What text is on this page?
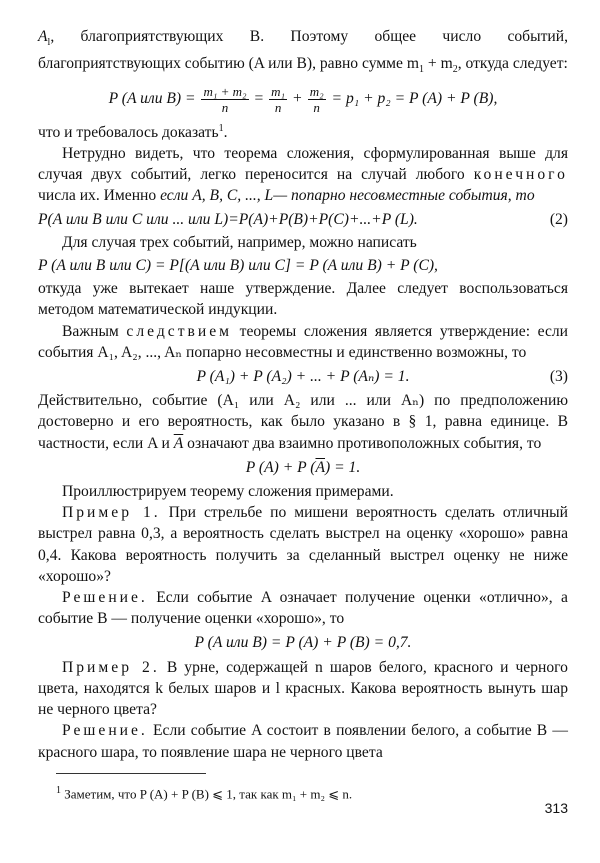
$A_l$, благоприятствующих B. Поэтому общее число событий, благоприятствующих событию (A или B), равно сумме $m_1 + m_2$, откуда следует:

P (A или $B) = \frac{\text{m₁ + m₂}}{n} = \frac{\text{m₁}}{n} + \frac{\text{m₂}}{n} = p_1 + p_2 = P$ (A) + P (B),

что и требовалось доказать$^1$.

Нетрудно видеть, что теорема сложения, сформулированная выше для случая двух событий, легко переносится на случай любого конечного числа их. Именно если A, B, C, ..., L— попарно несовместные события, то

P(A или B или C или ... или L)=P(A)+P(B)+P(C)+...+P (L).	(2)

Для случая трех событий, например, можно написать

P (A или B или C) = P[(A или B) или C] = P (A или B) + P (C),

откуда уже вытекает наше утверждение. Далее следует воспользоваться методом математической индукции.

Важным следствием теоремы сложения является утверждение: если события A₁, A₂, ..., Aₙ попарно несовместны и единственно возможны, то

P (A₁) + P (A₂) + ... + P (Aₙ) = 1.	(3)

Действительно, событие (A₁ или A₂ или ... или Aₙ) по предположению достоверно и его вероятность, как было указано в § 1, равна единице. В частности, если A и $\overline{A}$ означают два взаимно противоположных события, то

P (A) + P $(\overline{A}) = 1$.

Проиллюстрируем теорему сложения примерами.

Пример 1. При стрельбе по мишени вероятность сделать отличный выстрел равна 0,3, а вероятность сделать выстрел на оценку «хорошо» равна 0,4. Какова вероятность получить за сделанный выстрел оценку не ниже «хорошо»?

Решение. Если событие A означает получение оценки «отлично», а событие B — получение оценки «хорошо», то

P (A или B) = P (A) + P (B) = 0,7.

Пример 2. В урне, содержащей n шаров белого, красного и черного цвета, находятся k белых шаров и l красных. Какова вероятность вынуть шар не черного цвета?

Решение. Если событие A состоит в появлении белого, а событие B — красного шара, то появление шара не черного цвета

$^1$ Заметим, что P (A) + P (B) ⩽ 1, так как m₁ + m₂ ⩽ n.
313
